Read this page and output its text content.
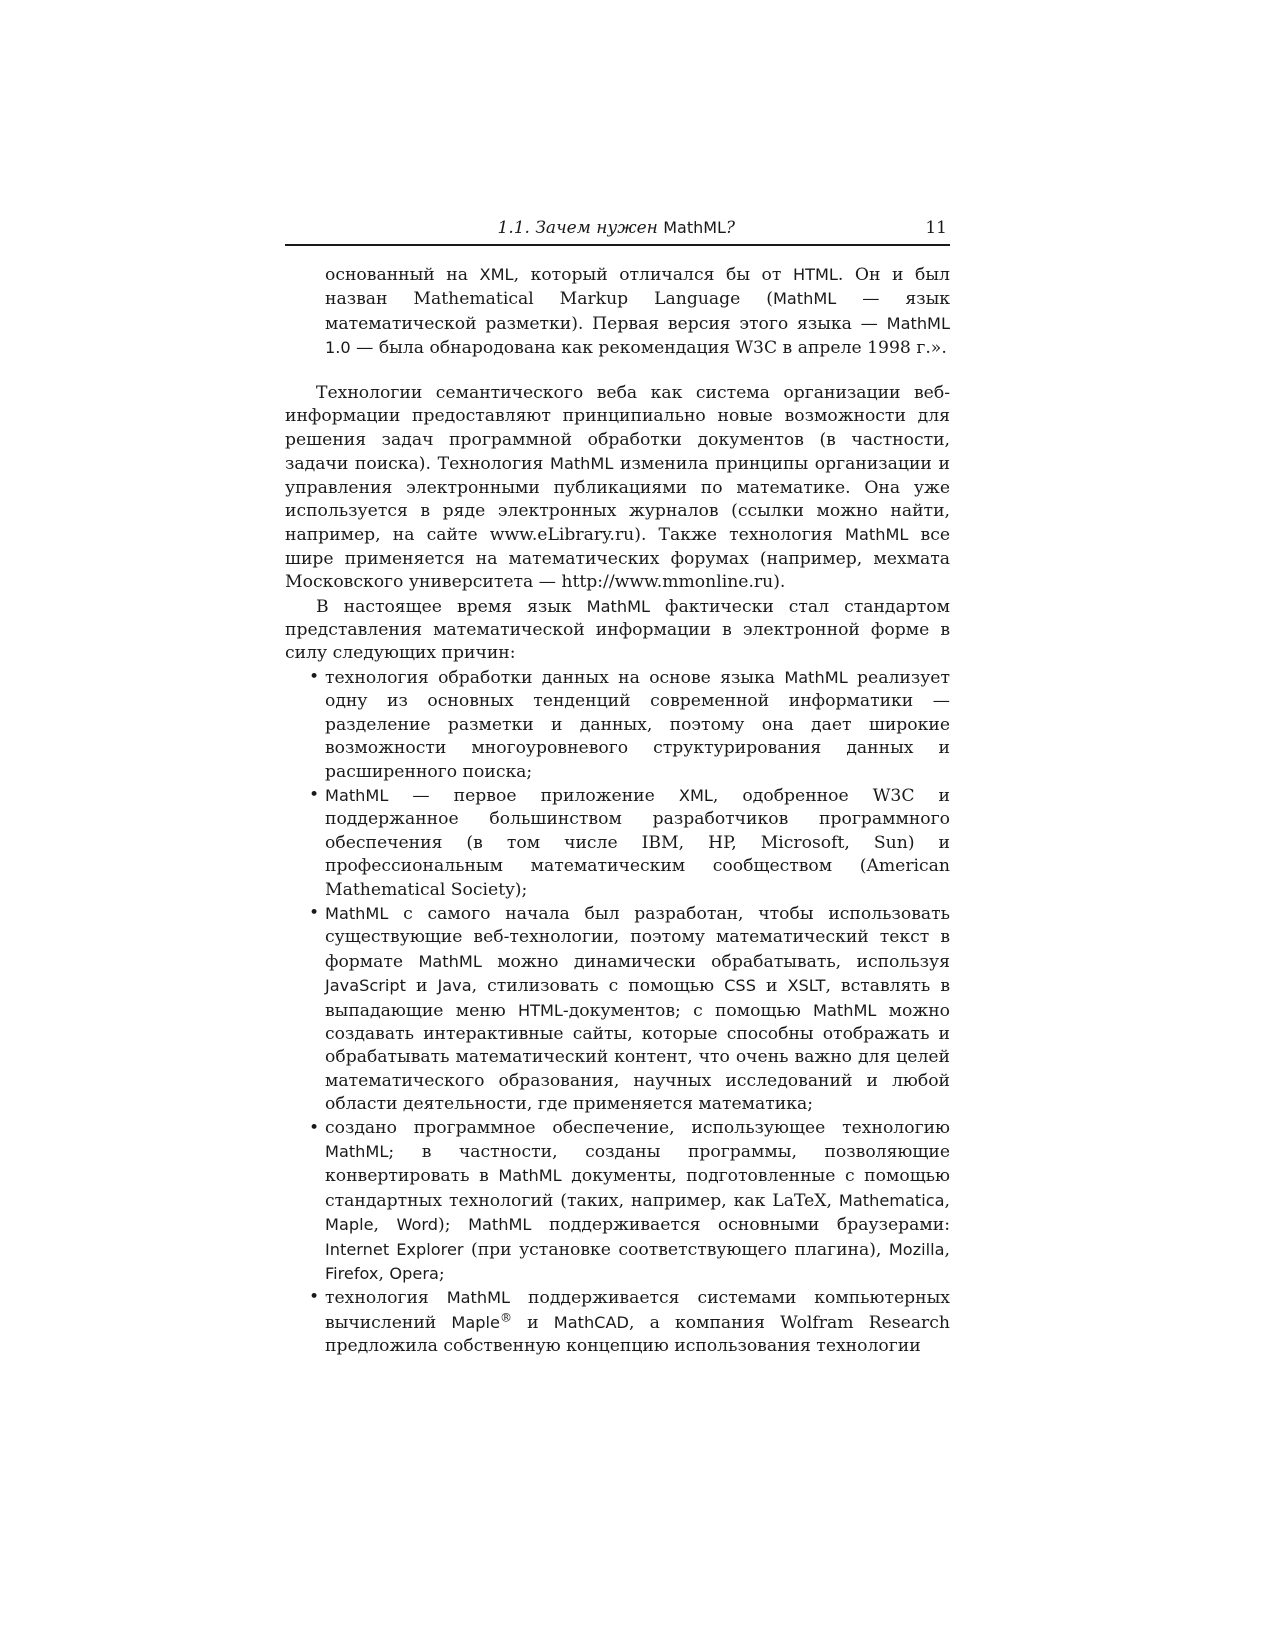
1.1. Зачем нужен MathML?	11
основанный на XML, который отличался бы от HTML. Он и был назван Mathematical Markup Language (MathML — язык математической разметки). Первая версия этого языка — MathML 1.0 — была обнародована как рекомендация W3C в апреле 1998 г.».

Технологии семантического веба как система организации веб-информации предоставляют принципиально новые возможности для решения задач программной обработки документов (в частности, задачи поиска). Технология MathML изменила принципы организации и управления электронными публикациями по математике. Она уже используется в ряде электронных журналов (ссылки можно найти, например, на сайте www.eLibrary.ru). Также технология MathML все шире применяется на математических форумах (например, мехмата Московского университета — http://www.mmonline.ru).

В настоящее время язык MathML фактически стал стандартом представления математической информации в электронной форме в силу следующих причин:

• технология обработки данных на основе языка MathML реализует одну из основных тенденций современной информатики — разделение разметки и данных, поэтому она дает широкие возможности многоуровневого структурирования данных и расширенного поиска;
• MathML — первое приложение XML, одобренное W3C и поддержанное большинством разработчиков программного обеспечения (в том числе IBM, HP, Microsoft, Sun) и профессиональным математическим сообществом (American Mathematical Society);
• MathML с самого начала был разработан, чтобы использовать существующие веб-технологии, поэтому математический текст в формате MathML можно динамически обрабатывать, используя JavaScript и Java, стилизовать с помощью CSS и XSLT, вставлять в выпадающие меню HTML-документов; с помощью MathML можно создавать интерактивные сайты, которые способны отображать и обрабатывать математический контент, что очень важно для целей математического образования, научных исследований и любой области деятельности, где применяется математика;
• создано программное обеспечение, использующее технологию MathML; в частности, созданы программы, позволяющие конвертировать в MathML документы, подготовленные с помощью стандартных технологий (таких, например, как LaTeX, Mathematica, Maple, Word); MathML поддерживается основными браузерами: Internet Explorer (при установке соответствующего плагина), Mozilla, Firefox, Opera;
• технология MathML поддерживается системами компьютерных вычислений Maple® и MathCAD, а компания Wolfram Research предложила собственную концепцию использования технологии
